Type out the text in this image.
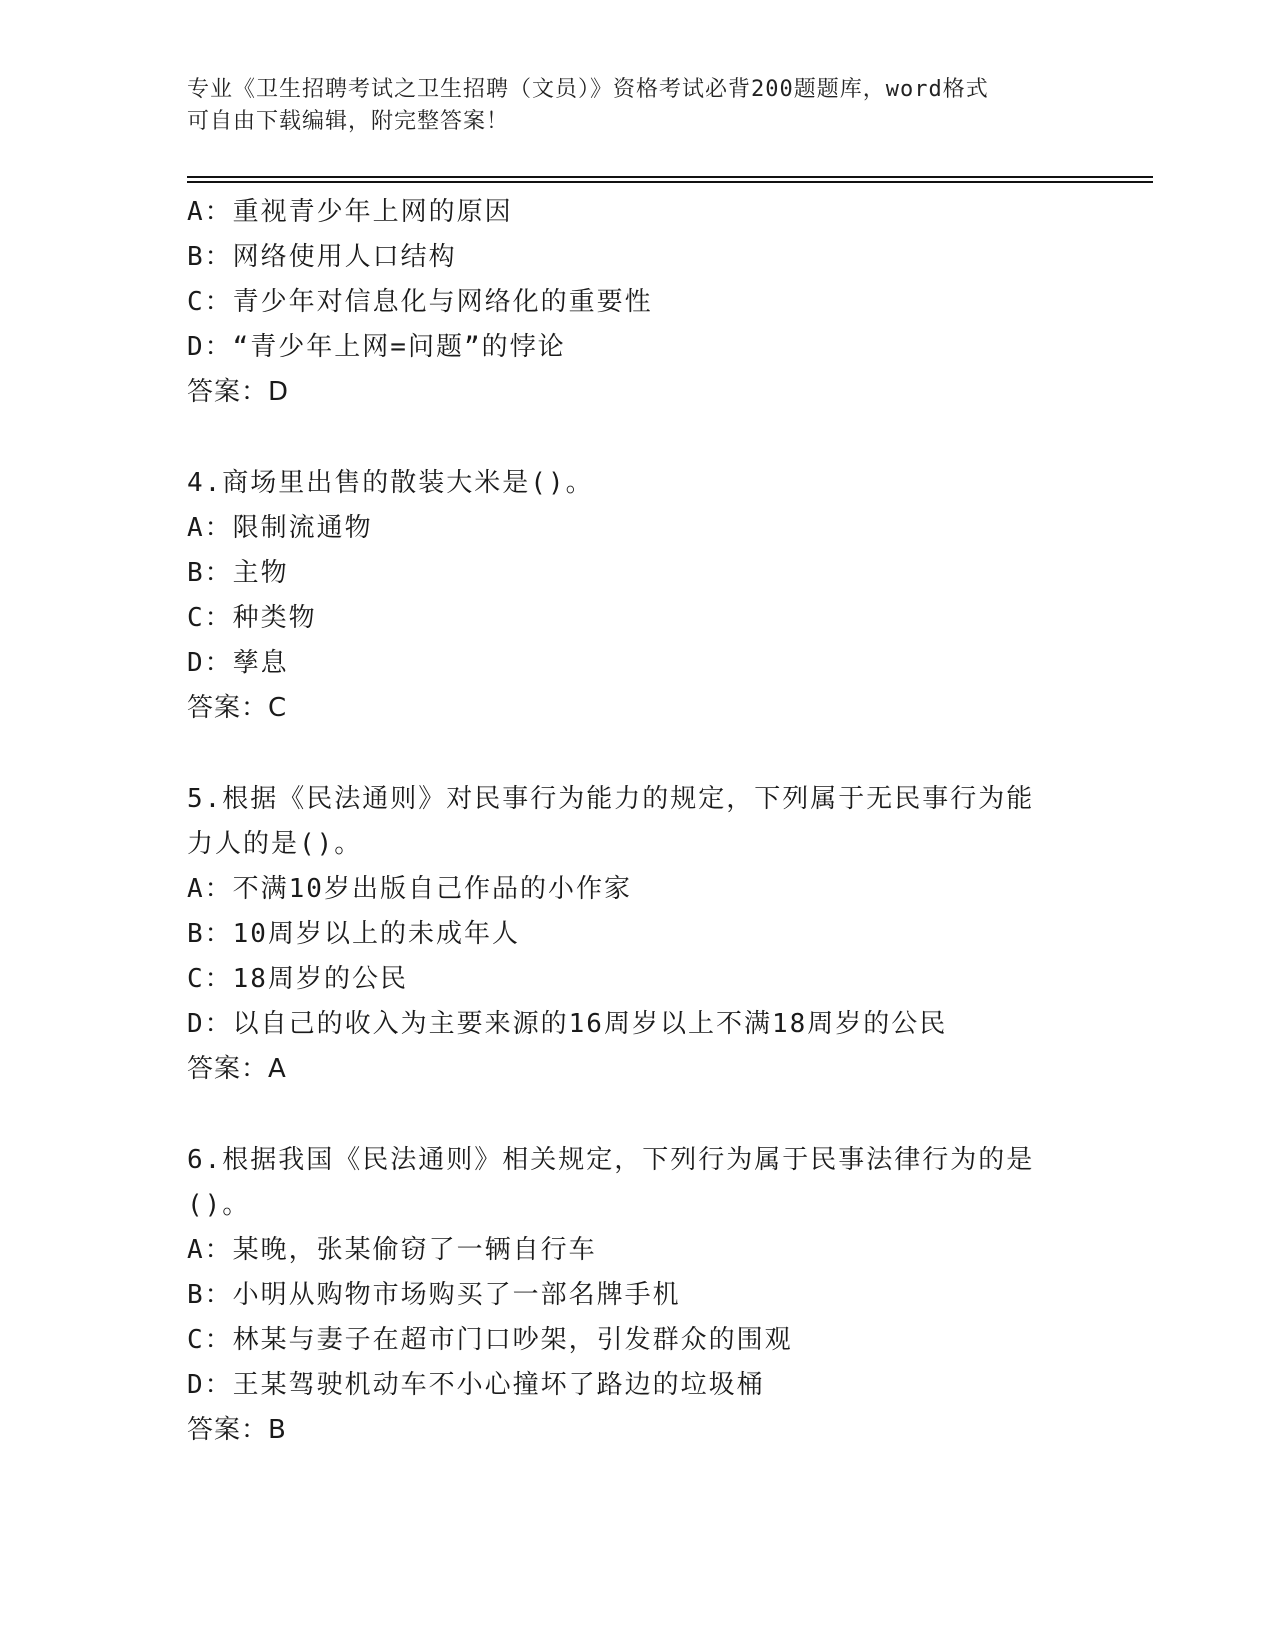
专业《卫生招聘考试之卫生招聘（文员）》资格考试必背200题题库，word格式
可自由下载编辑，附完整答案！
A：重视青少年上网的原因
B：网络使用人口结构
C：青少年对信息化与网络化的重要性
D：“青少年上网=问题”的悖论
答案：D
4.商场里出售的散装大米是()。
A：限制流通物
B：主物
C：种类物
D：孳息
答案：C
5.根据《民法通则》对民事行为能力的规定，下列属于无民事行为能
力人的是()。
A：不满10岁出版自己作品的小作家
B：10周岁以上的未成年人
C：18周岁的公民
D：以自己的收入为主要来源的16周岁以上不满18周岁的公民
答案：A
6.根据我国《民法通则》相关规定，下列行为属于民事法律行为的是
()。
A：某晚，张某偷窃了一辆自行车
B：小明从购物市场购买了一部名牌手机
C：林某与妻子在超市门口吵架，引发群众的围观
D：王某驾驶机动车不小心撞坏了路边的垃圾桶
答案：B
